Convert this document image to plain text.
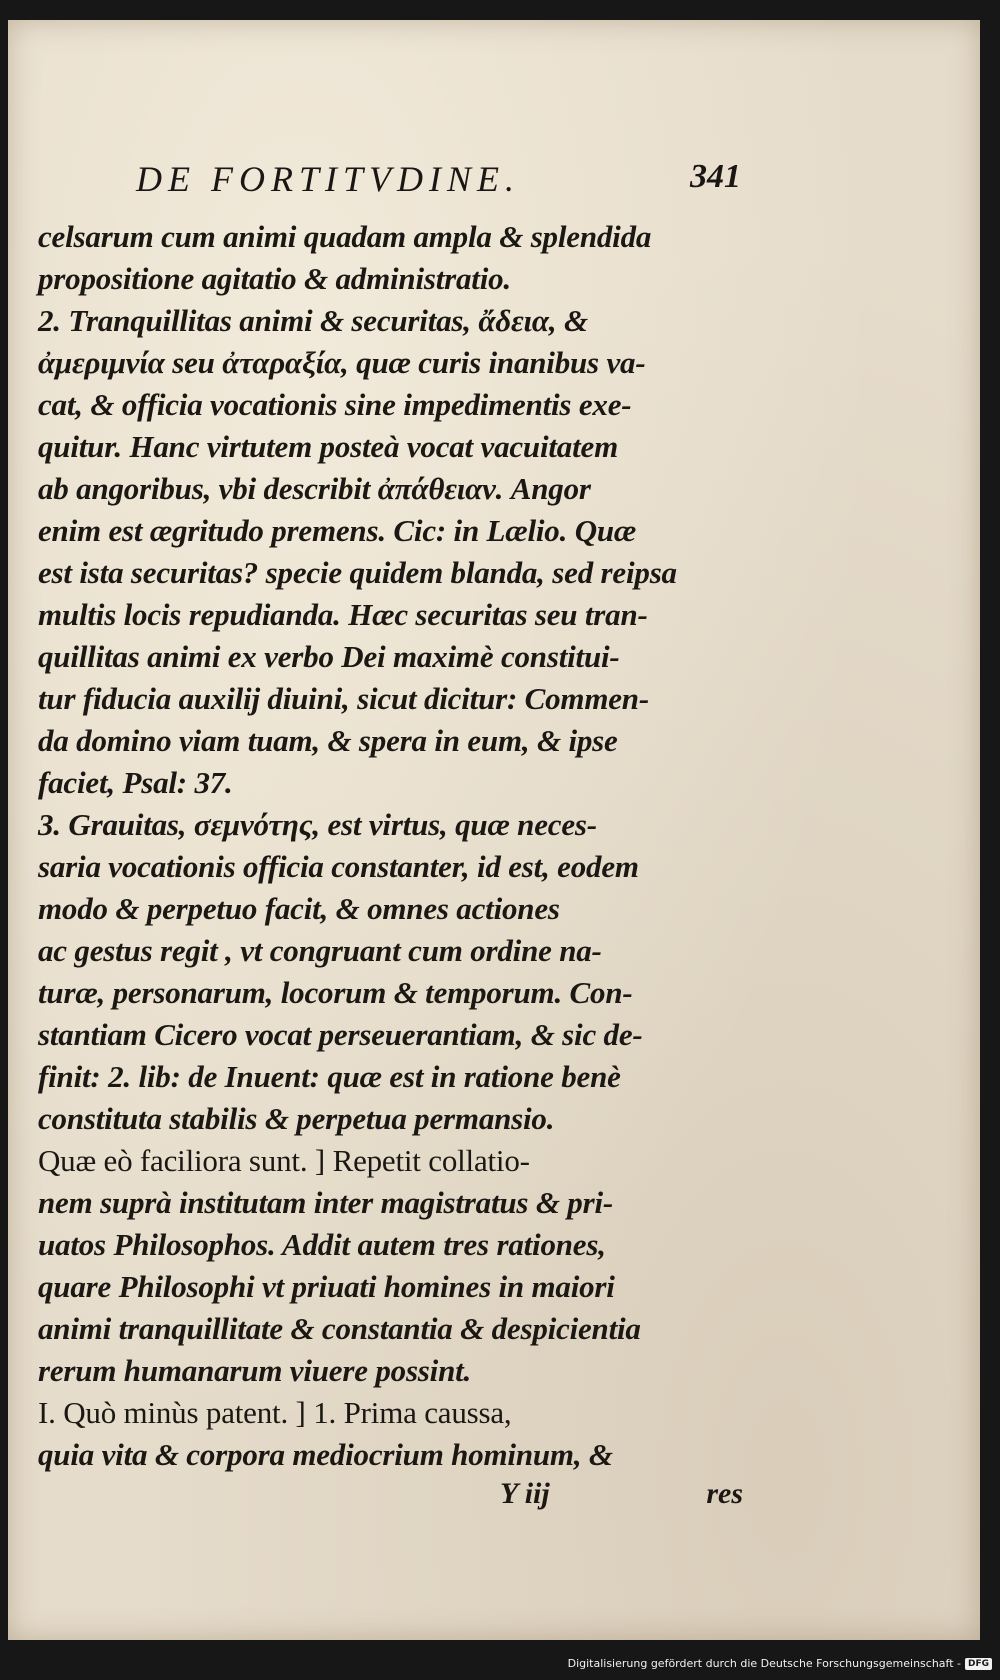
DE FORTITVDINE.	341
celsarum cum animi quadam ampla & splendida
propositione agitatio & administratio.
2. Tranquillitas animi & securitas, ἄδεια, &
ἀμεριμνία seu ἀταραξία, quæ curis inanibus va-
cat, & officia vocationis sine impedimentis exe-
quitur. Hanc virtutem posteà vocat vacuitatem
ab angoribus, vbi describit ἀπάθειαν. Angor
enim est ægritudo premens. Cic: in Lælio. Quæ
est ista securitas? specie quidem blanda, sed reipsa
multis locis repudianda. Hæc securitas seu tran-
quillitas animi ex verbo Dei maximè constitui-
tur fiducia auxilij diuini, sicut dicitur: Commen-
da domino viam tuam, & spera in eum, & ipse
faciet, Psal: 37.
3. Grauitas, σεμνότης, est virtus, quæ neces-
saria vocationis officia constanter, id est, eodem
modo & perpetuo facit, & omnes actiones
ac gestus regit , vt congruant cum ordine na-
turæ, personarum, locorum & temporum. Con-
stantiam Cicero vocat perseuerantiam, & sic de-
finit: 2. lib: de Inuent: quæ est in ratione benè
constituta stabilis & perpetua permansio.
Quæ eò faciliora sunt. ] Repetit collatio-
nem suprà institutam inter magistratus & pri-
uatos Philosophos. Addit autem tres rationes,
quare Philosophi vt priuati homines in maiori
animi tranquillitate & constantia & despicientia
rerum humanarum viuere possint.
I. Quò minùs patent. ] 1. Prima caussa,
quia vita & corpora mediocrium hominum, &
Y iij	res
Digitalisierung gefördert durch die Deutsche Forschungsgemeinschaft - DFG
